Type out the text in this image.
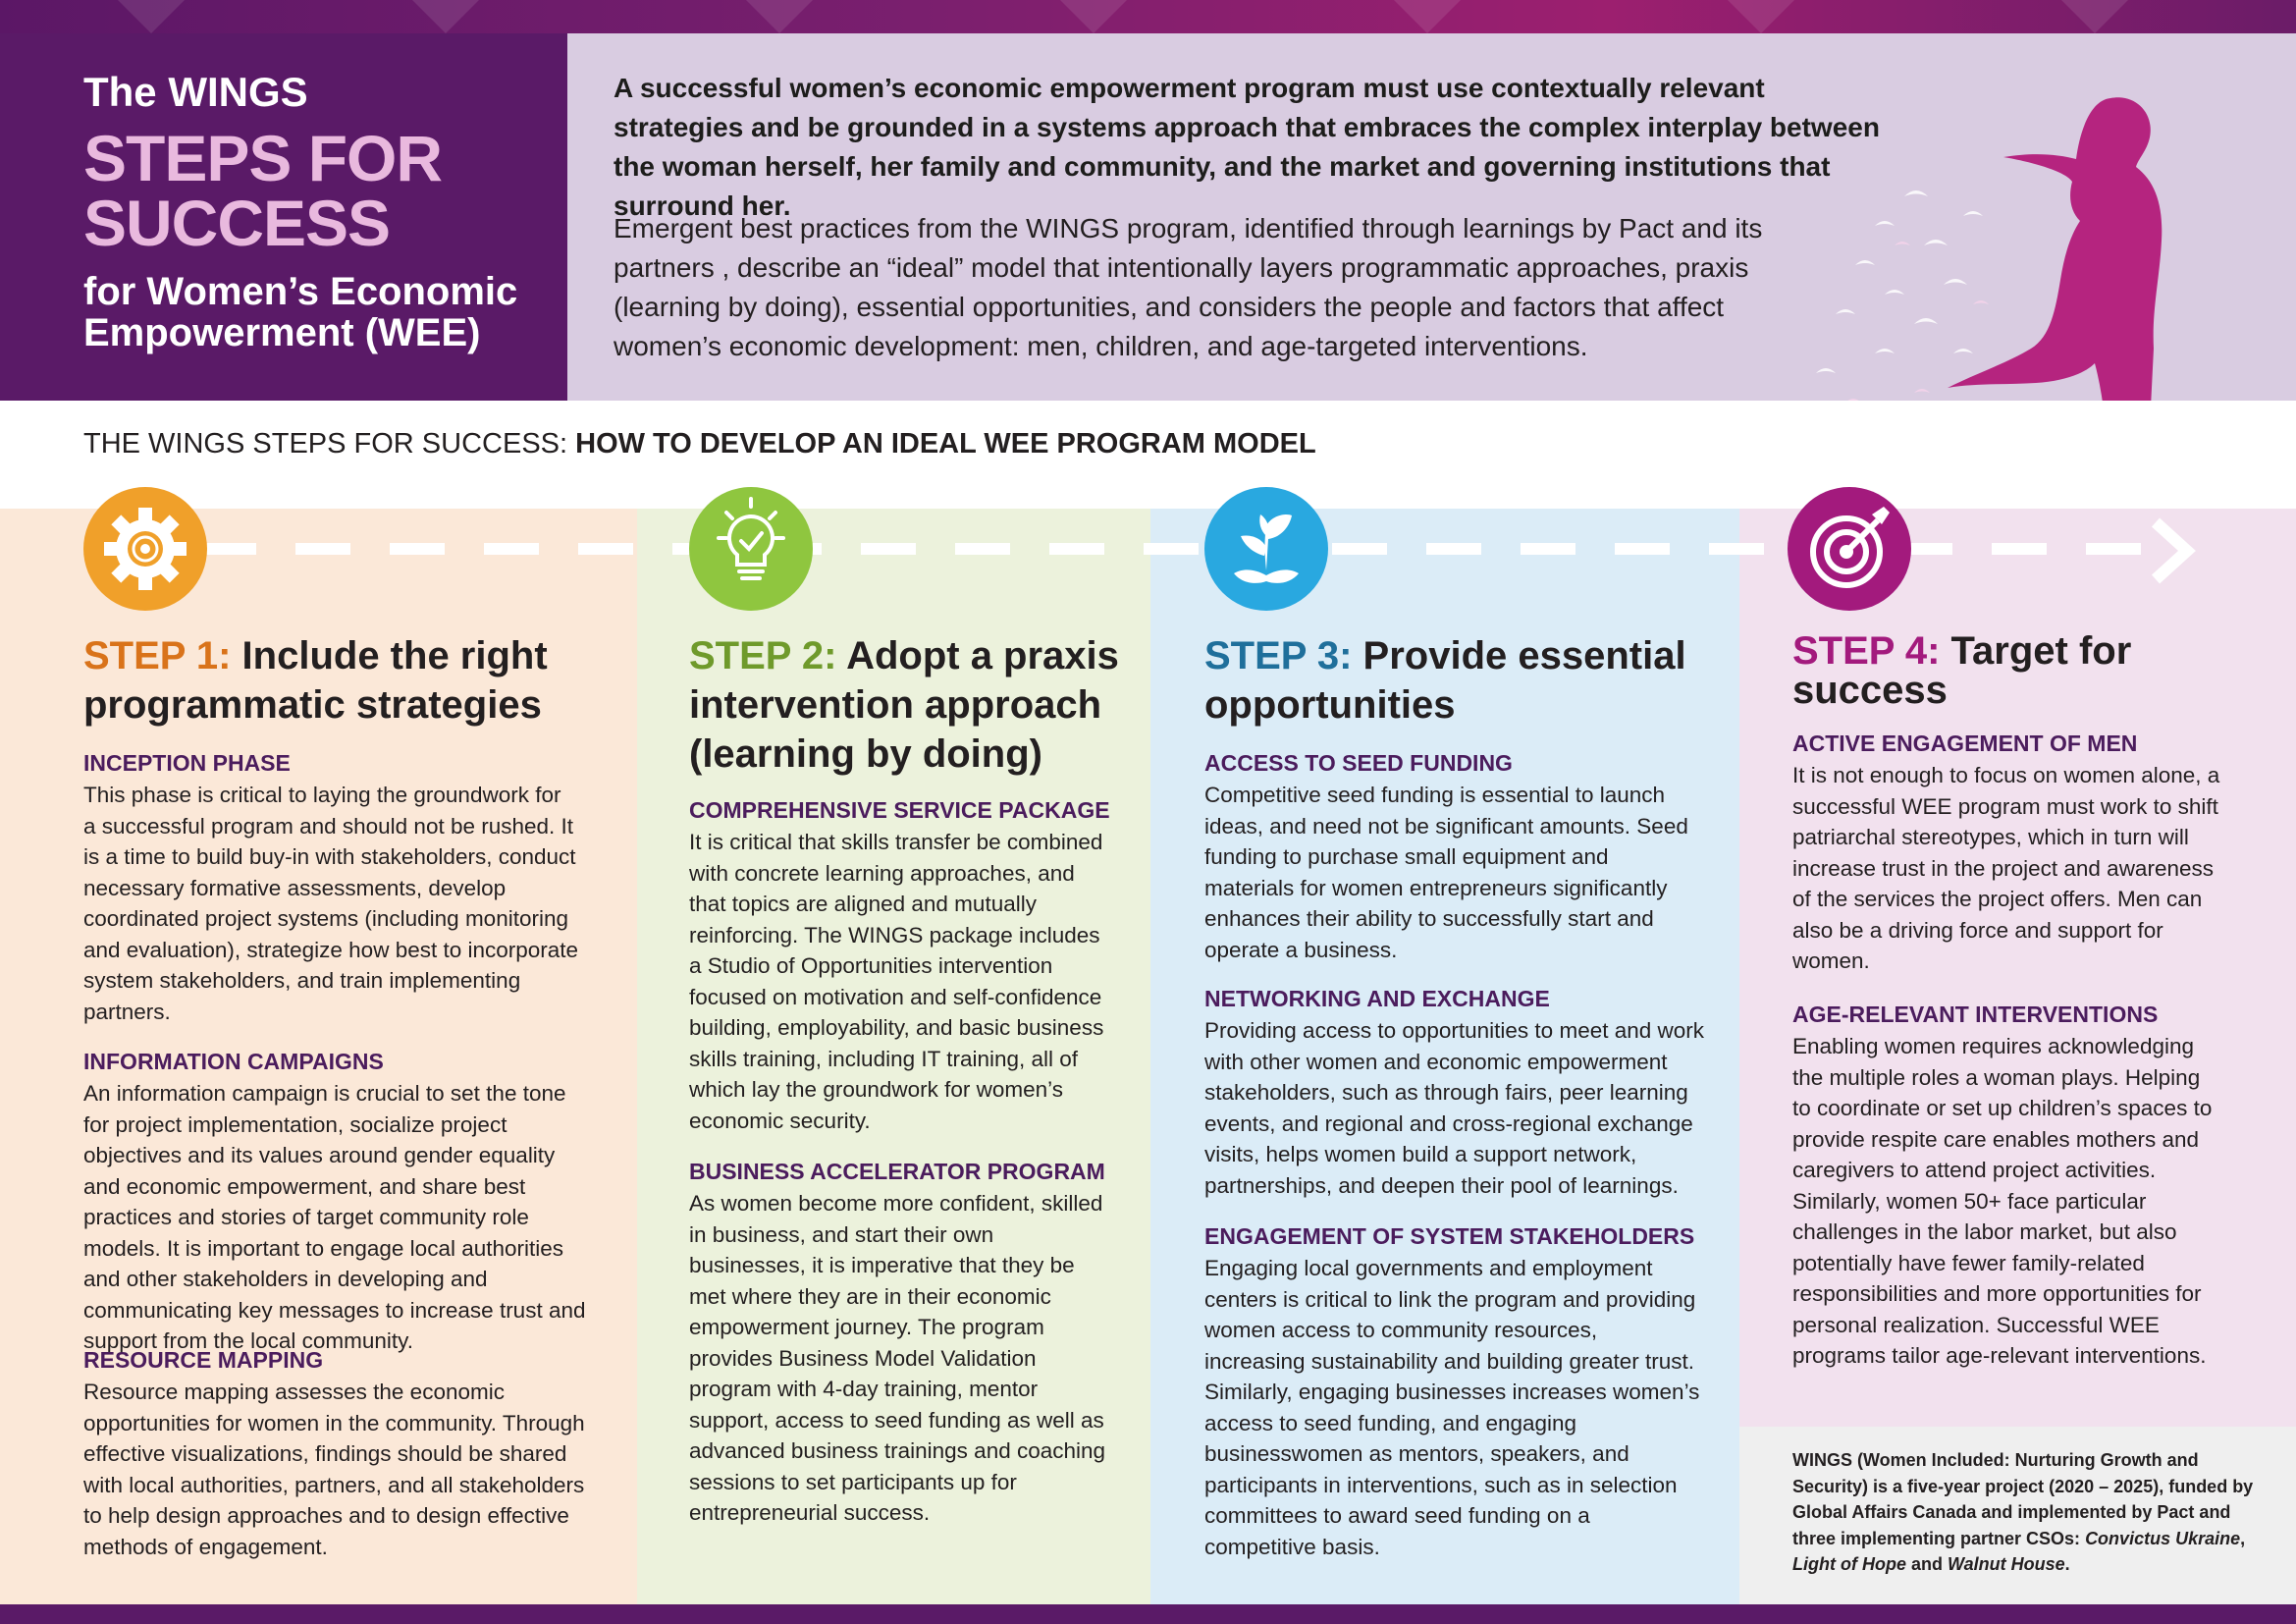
The WINGS
STEPS FOR
SUCCESS
for Women’s Economic
Empowerment (WEE)
A successful women’s economic empowerment program must use contextually relevant strategies and be grounded in a systems approach that embraces the complex interplay between the woman herself, her family and community, and the market and governing institutions that surround her.
Emergent best practices from the WINGS program, identified through learnings by Pact and its partners , describe an “ideal” model that intentionally layers programmatic approaches, praxis (learning by doing), essential opportunities, and considers the people and factors that affect women’s economic development: men, children, and age-targeted interventions.
THE WINGS STEPS FOR SUCCESS: HOW TO DEVELOP AN IDEAL WEE PROGRAM MODEL
STEP 1: Include the right programmatic strategies
INCEPTION PHASE
This phase is critical to laying the groundwork for a successful program and should not be rushed. It is a time to build buy-in with stakeholders, conduct necessary formative assessments, develop coordinated project systems (including monitoring and evaluation), strategize how best to incorporate system stakeholders, and train implementing partners.
INFORMATION CAMPAIGNS
An information campaign is crucial to set the tone for project implementation, socialize project objectives and its values around gender equality and economic empowerment, and share best practices and stories of target community role models. It is important to engage local authorities and other stakeholders in developing and communicating key messages to increase trust and support from the local community.
RESOURCE MAPPING
Resource mapping assesses the economic opportunities for women in the community. Through effective visualizations, findings should be shared with local authorities, partners, and all stakeholders to help design approaches and to design effective methods of engagement.
STEP 2: Adopt a praxis intervention approach (learning by doing)
COMPREHENSIVE SERVICE PACKAGE
It is critical that skills transfer be combined with concrete learning approaches, and that topics are aligned and mutually reinforcing. The WINGS package includes a Studio of Opportunities intervention focused on motivation and self-confidence building, employability, and basic business skills training, including IT training, all of which lay the groundwork for women’s economic security.
BUSINESS ACCELERATOR PROGRAM
As women become more confident, skilled in business, and start their own businesses, it is imperative that they be met where they are in their economic empowerment journey. The program provides Business Model Validation program with 4-day training, mentor support, access to seed funding as well as advanced business trainings and coaching sessions to set participants up for entrepreneurial success.
STEP 3: Provide essential opportunities
ACCESS TO SEED FUNDING
Competitive seed funding is essential to launch ideas, and need not be significant amounts. Seed funding to purchase small equipment and materials for women entrepreneurs significantly enhances their ability to successfully start and operate a business.
NETWORKING AND EXCHANGE
Providing access to opportunities to meet and work with other women and economic empowerment stakeholders, such as through fairs, peer learning events, and regional and cross-regional exchange visits, helps women build a support network, partnerships, and deepen their pool of learnings.
ENGAGEMENT OF SYSTEM STAKEHOLDERS
Engaging local governments and employment centers is critical to link the program and providing women access to community resources, increasing sustainability and building greater trust. Similarly, engaging businesses increases women’s access to seed funding, and engaging businesswomen as mentors, speakers, and participants in interventions, such as in selection committees to award seed funding on a competitive basis.
STEP 4: Target for success
ACTIVE ENGAGEMENT OF MEN
It is not enough to focus on women alone, a successful WEE program must work to shift patriarchal stereotypes, which in turn will increase trust in the project and awareness of the services the project offers. Men can also be a driving force and support for women.
AGE-RELEVANT INTERVENTIONS
Enabling women requires acknowledging the multiple roles a woman plays. Helping to coordinate or set up children’s spaces to provide respite care enables mothers and caregivers to attend project activities. Similarly, women 50+ face particular challenges in the labor market, but also potentially have fewer family-related responsibilities and more opportunities for personal realization. Successful WEE programs tailor age-relevant interventions.
WINGS (Women Included: Nurturing Growth and Security) is a five-year project (2020 – 2025), funded by Global Affairs Canada and implemented by Pact and three implementing partner CSOs: Convictus Ukraine, Light of Hope and Walnut House.
